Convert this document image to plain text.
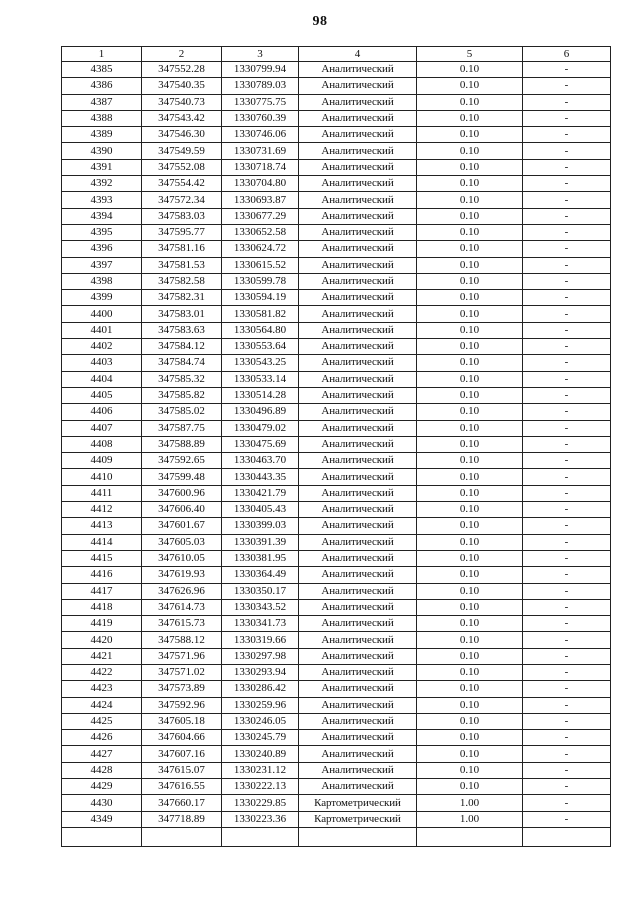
98
1	2	3	4	5	6
4385	347552.28	1330799.94	Аналитический	0.10	-
4386	347540.35	1330789.03	Аналитический	0.10	-
4387	347540.73	1330775.75	Аналитический	0.10	-
4388	347543.42	1330760.39	Аналитический	0.10	-
4389	347546.30	1330746.06	Аналитический	0.10	-
4390	347549.59	1330731.69	Аналитический	0.10	-
4391	347552.08	1330718.74	Аналитический	0.10	-
4392	347554.42	1330704.80	Аналитический	0.10	-
4393	347572.34	1330693.87	Аналитический	0.10	-
4394	347583.03	1330677.29	Аналитический	0.10	-
4395	347595.77	1330652.58	Аналитический	0.10	-
4396	347581.16	1330624.72	Аналитический	0.10	-
4397	347581.53	1330615.52	Аналитический	0.10	-
4398	347582.58	1330599.78	Аналитический	0.10	-
4399	347582.31	1330594.19	Аналитический	0.10	-
4400	347583.01	1330581.82	Аналитический	0.10	-
4401	347583.63	1330564.80	Аналитический	0.10	-
4402	347584.12	1330553.64	Аналитический	0.10	-
4403	347584.74	1330543.25	Аналитический	0.10	-
4404	347585.32	1330533.14	Аналитический	0.10	-
4405	347585.82	1330514.28	Аналитический	0.10	-
4406	347585.02	1330496.89	Аналитический	0.10	-
4407	347587.75	1330479.02	Аналитический	0.10	-
4408	347588.89	1330475.69	Аналитический	0.10	-
4409	347592.65	1330463.70	Аналитический	0.10	-
4410	347599.48	1330443.35	Аналитический	0.10	-
4411	347600.96	1330421.79	Аналитический	0.10	-
4412	347606.40	1330405.43	Аналитический	0.10	-
4413	347601.67	1330399.03	Аналитический	0.10	-
4414	347605.03	1330391.39	Аналитический	0.10	-
4415	347610.05	1330381.95	Аналитический	0.10	-
4416	347619.93	1330364.49	Аналитический	0.10	-
4417	347626.96	1330350.17	Аналитический	0.10	-
4418	347614.73	1330343.52	Аналитический	0.10	-
4419	347615.73	1330341.73	Аналитический	0.10	-
4420	347588.12	1330319.66	Аналитический	0.10	-
4421	347571.96	1330297.98	Аналитический	0.10	-
4422	347571.02	1330293.94	Аналитический	0.10	-
4423	347573.89	1330286.42	Аналитический	0.10	-
4424	347592.96	1330259.96	Аналитический	0.10	-
4425	347605.18	1330246.05	Аналитический	0.10	-
4426	347604.66	1330245.79	Аналитический	0.10	-
4427	347607.16	1330240.89	Аналитический	0.10	-
4428	347615.07	1330231.12	Аналитический	0.10	-
4429	347616.55	1330222.13	Аналитический	0.10	-
4430	347660.17	1330229.85	Картометрический	1.00	-
4349	347718.89	1330223.36	Картометрический	1.00	-
